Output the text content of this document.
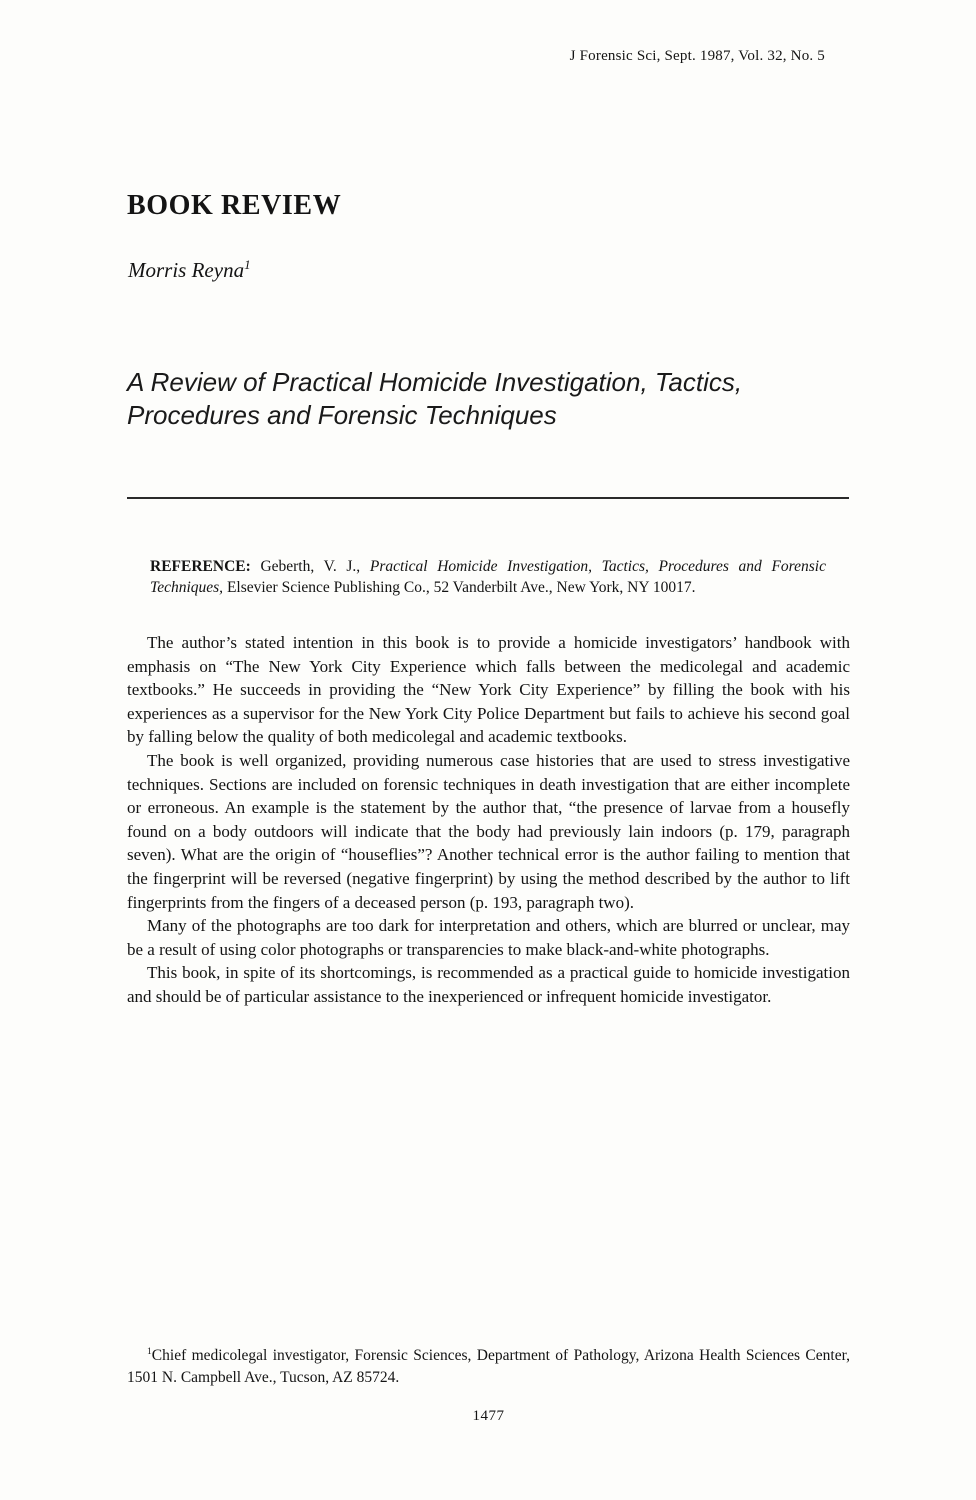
J Forensic Sci, Sept. 1987, Vol. 32, No. 5
BOOK REVIEW
Morris Reyna$^1$
A Review of Practical Homicide Investigation, Tactics, Procedures and Forensic Techniques

REFERENCE: Geberth, V. J., Practical Homicide Investigation, Tactics, Procedures and Forensic Techniques, Elsevier Science Publishing Co., 52 Vanderbilt Ave., New York, NY 10017.

The author’s stated intention in this book is to provide a homicide investigators’ handbook with emphasis on “The New York City Experience which falls between the medicolegal and academic textbooks.” He succeeds in providing the “New York City Experience” by filling the book with his experiences as a supervisor for the New York City Police Department but fails to achieve his second goal by falling below the quality of both medicolegal and academic textbooks.

The book is well organized, providing numerous case histories that are used to stress investigative techniques. Sections are included on forensic techniques in death investigation that are either incomplete or erroneous. An example is the statement by the author that, “the presence of larvae from a housefly found on a body outdoors will indicate that the body had previously lain indoors (p. 179, paragraph seven). What are the origin of “houseflies”? Another technical error is the author failing to mention that the fingerprint will be reversed (negative fingerprint) by using the method described by the author to lift fingerprints from the fingers of a deceased person (p. 193, paragraph two).

Many of the photographs are too dark for interpretation and others, which are blurred or unclear, may be a result of using color photographs or transparencies to make black-and-white photographs.

This book, in spite of its shortcomings, is recommended as a practical guide to homicide investigation and should be of particular assistance to the inexperienced or infrequent homicide investigator.

$^1$Chief medicolegal investigator, Forensic Sciences, Department of Pathology, Arizona Health Sciences Center, 1501 N. Campbell Ave., Tucson, AZ 85724.

1477
